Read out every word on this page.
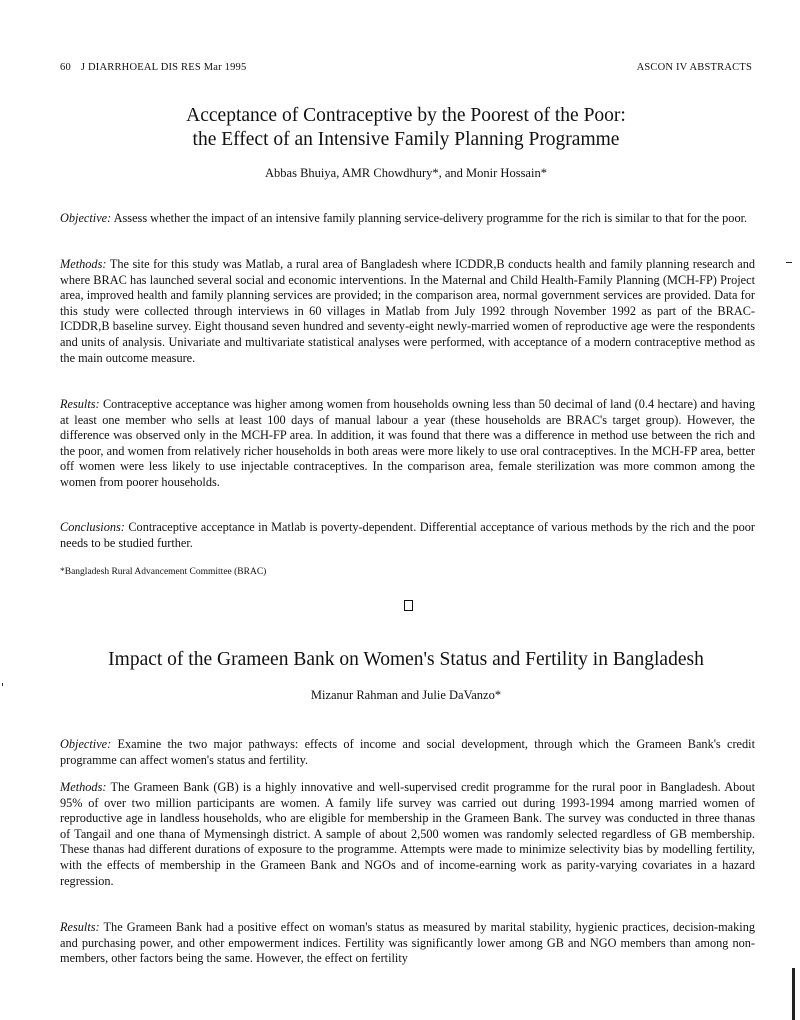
60 J DIARRHOEAL DIS RES Mar 1995	ASCON IV ABSTRACTS
Acceptance of Contraceptive by the Poorest of the Poor:
the Effect of an Intensive Family Planning Programme
Abbas Bhuiya, AMR Chowdhury*, and Monir Hossain*

Objective: Assess whether the impact of an intensive family planning service-delivery programme for the rich is similar to that for the poor.

Methods: The site for this study was Matlab, a rural area of Bangladesh where ICDDR,B conducts health and family planning research and where BRAC has launched several social and economic interventions. In the Maternal and Child Health-Family Planning (MCH-FP) Project area, improved health and family planning services are provided; in the comparison area, normal government services are provided. Data for this study were collected through interviews in 60 villages in Matlab from July 1992 through November 1992 as part of the BRAC-ICDDR,B baseline survey. Eight thousand seven hundred and seventy-eight newly-married women of reproductive age were the respondents and units of analysis. Univariate and multivariate statistical analyses were performed, with acceptance of a modern contraceptive method as the main outcome measure.

Results: Contraceptive acceptance was higher among women from households owning less than 50 decimal of land (0.4 hectare) and having at least one member who sells at least 100 days of manual labour a year (these households are BRAC's target group). However, the difference was observed only in the MCH-FP area. In addition, it was found that there was a difference in method use between the rich and the poor, and women from relatively richer households in both areas were more likely to use oral contraceptives. In the MCH-FP area, better off women were less likely to use injectable contraceptives. In the comparison area, female sterilization was more common among the women from poorer households.

Conclusions: Contraceptive acceptance in Matlab is poverty-dependent. Differential acceptance of various methods by the rich and the poor needs to be studied further.

*Bangladesh Rural Advancement Committee (BRAC)
Impact of the Grameen Bank on Women's Status and Fertility in Bangladesh
Mizanur Rahman and Julie DaVanzo*

Objective: Examine the two major pathways: effects of income and social development, through which the Grameen Bank's credit programme can affect women's status and fertility.

Methods: The Grameen Bank (GB) is a highly innovative and well-supervised credit programme for the rural poor in Bangladesh. About 95% of over two million participants are women. A family life survey was carried out during 1993-1994 among married women of reproductive age in landless households, who are eligible for membership in the Grameen Bank. The survey was conducted in three thanas of Tangail and one thana of Mymensingh district. A sample of about 2,500 women was randomly selected regardless of GB membership. These thanas had different durations of exposure to the programme. Attempts were made to minimize selectivity bias by modelling fertility, with the effects of membership in the Grameen Bank and NGOs and of income-earning work as parity-varying covariates in a hazard regression.

Results: The Grameen Bank had a positive effect on woman's status as measured by marital stability, hygienic practices, decision-making and purchasing power, and other empowerment indices. Fertility was significantly lower among GB and NGO members than among non-members, other factors being the same. However, the effect on fertility
